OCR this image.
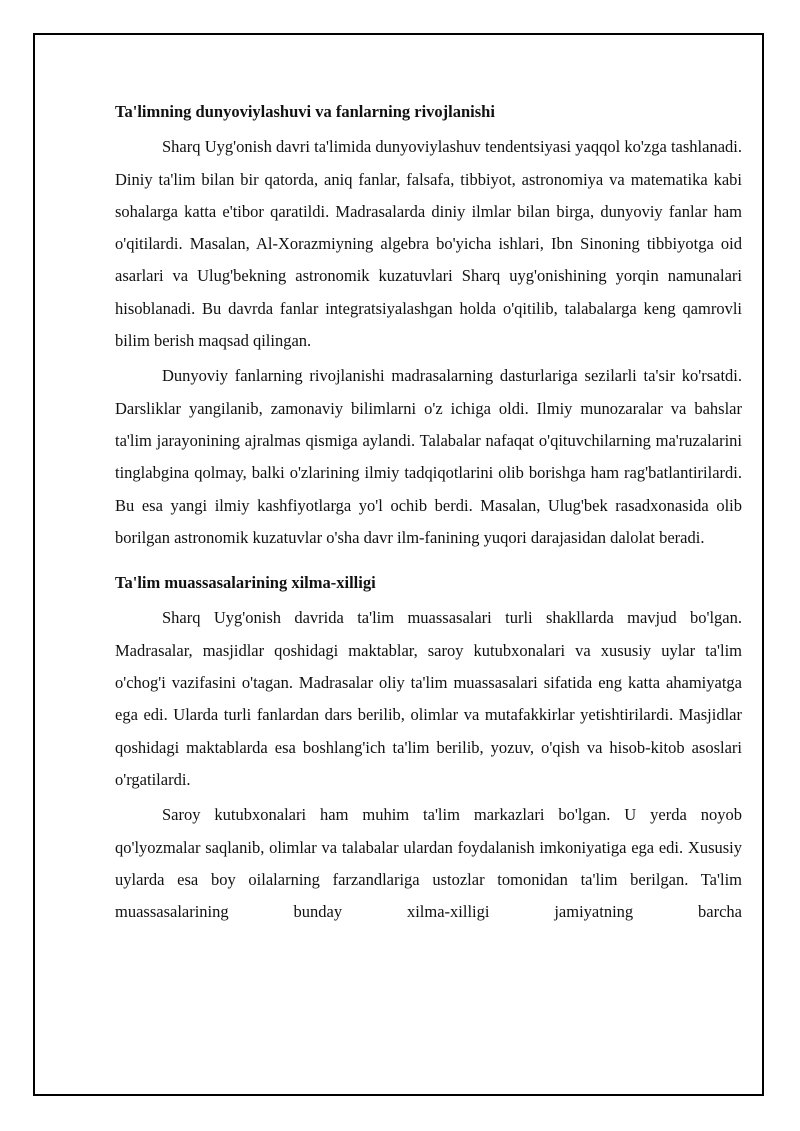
Ta'limning dunyoviylashuvi va fanlarning rivojlanishi

Sharq Uyg'onish davri ta'limida dunyoviylashuv tendentsiyasi yaqqol ko'zga tashlanadi. Diniy ta'lim bilan bir qatorda, aniq fanlar, falsafa, tibbiyot, astronomiya va matematika kabi sohalarga katta e'tibor qaratildi. Madrasalarda diniy ilmlar bilan birga, dunyoviy fanlar ham o'qitilardi. Masalan, Al-Xorazmiyning algebra bo'yicha ishlari, Ibn Sinoning tibbiyotga oid asarlari va Ulug'bekning astronomik kuzatuvlari Sharq uyg'onishining yorqin namunalari hisoblanadi. Bu davrda fanlar integratsiyalashgan holda o'qitilib, talabalarga keng qamrovli bilim berish maqsad qilingan.

Dunyoviy fanlarning rivojlanishi madrasalarning dasturlariga sezilarli ta'sir ko'rsatdi. Darsliklar yangilanib, zamonaviy bilimlarni o'z ichiga oldi. Ilmiy munozaralar va bahslar ta'lim jarayonining ajralmas qismiga aylandi. Talabalar nafaqat o'qituvchilarning ma'ruzalarini tinglabgina qolmay, balki o'zlarining ilmiy tadqiqotlarini olib borishga ham rag'batlantirilardi. Bu esa yangi ilmiy kashfiyotlarga yo'l ochib berdi. Masalan, Ulug'bek rasadxonasida olib borilgan astronomik kuzatuvlar o'sha davr ilm-fanining yuqori darajasidan dalolat beradi.

Ta'lim muassasalarining xilma-xilligi

Sharq Uyg'onish davrida ta'lim muassasalari turli shakllarda mavjud bo'lgan. Madrasalar, masjidlar qoshidagi maktablar, saroy kutubxonalari va xususiy uylar ta'lim o'chog'i vazifasini o'tagan. Madrasalar oliy ta'lim muassasalari sifatida eng katta ahamiyatga ega edi. Ularda turli fanlardan dars berilib, olimlar va mutafakkirlar yetishtirilardi. Masjidlar qoshidagi maktablarda esa boshlang'ich ta'lim berilib, yozuv, o'qish va hisob-kitob asoslari o'rgatilardi.

Saroy kutubxonalari ham muhim ta'lim markazlari bo'lgan. U yerda noyob qo'lyozmalar saqlanib, olimlar va talabalar ulardan foydalanish imkoniyatiga ega edi. Xususiy uylarda esa boy oilalarning farzandlariga ustozlar tomonidan ta'lim berilgan. Ta'lim muassasalarining bunday xilma-xilligi jamiyatning barcha
